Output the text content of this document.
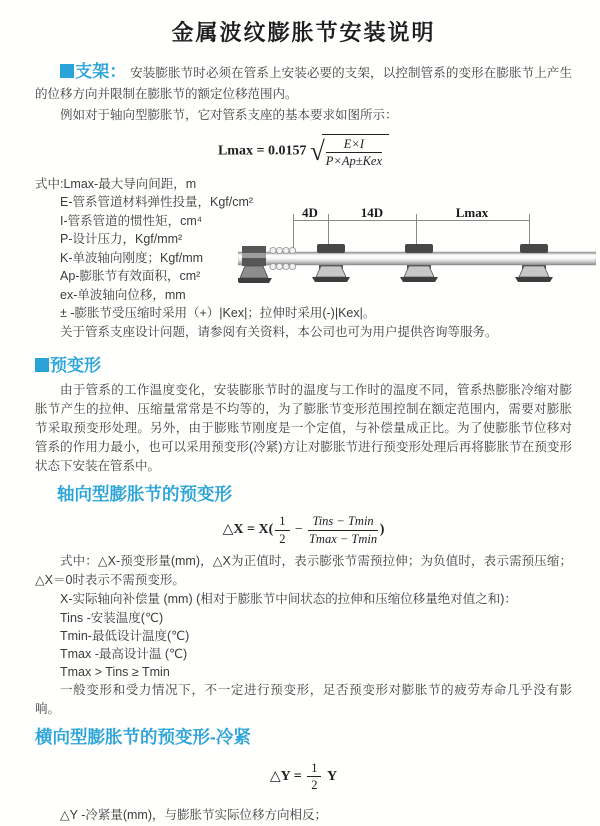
金属波纹膨胀节安装说明

支架： 安装膨胀节时必须在管系上安装必要的支架，以控制管系的变形在膨胀节上产生的位移方向并限制在膨胀节的额定位移范围内。

例如对于轴向型膨胀节，它对管系支座的基本要求如图所示：

Lmax = 0.0157 √ $\frac{E\times I}{\text{P×Ap±Kex}}$
式中:Lmax-最大导向间距，m
E-管系管道材料弹性投量，Kgf/cm²
I-管系管道的惯性矩，cm⁴
P-设计压力，Kgf/mm²
K-单波轴向刚度；Kgf/mm
Ap-膨胀节有效面积，cm²
ex-单波轴向位移，mm
± -膨胀节受压缩时采用（+）|Kex|；拉伸时采用(-)|Kex|。
关于管系支座设计问题，请参阅有关资料，本公司也可为用户提供咨询等服务。
4D	14D	Lmax
预变形

由于管系的工作温度变化，安装膨胀节时的温度与工作时的温度不同，管系热膨胀冷缩对膨胀节产生的拉伸、压缩量常常是不均等的，为了膨胀节变形范围控制在额定范围内，需要对膨胀节采取预变形处理。另外，由于膨账节刚度是一个定值，与补偿量成正比。为了使膨胀节位移对管系的作用力最小，也可以采用预变形(冷紧)方让对膨胀节进行预变形处理后再将膨胀节在预变形状态下安装在管系中。

轴向型膨胀节的预变形
△X = $X( \frac{1}{2} - \frac{\text{Tins − Tmin}}{Tmax - Tmin}$ )

式中：△X-预变形量(mm)，△X为正值时，表示膨张节需预拉伸；为负值时，表示需预压缩；△X＝0时表示不需预变形。

X-实际轴向补偿量 (mm) (相对于膨胀节中间状态的拉伸和压缩位移量绝对值之和)：

Tins -安装温度(℃)
Tmin-最低设计温度(℃)
Tmax -最高设计温 (℃)
Tmax > Tins ≥ Tmin

一般变形和受力情况下，不一定进行预变形，足否预变形对膨胀节的疲劳寿命几乎没有影响。

横向型膨胀节的预变形-冷紧
△Y = $\frac{1}{2}$ Y

△Y -冷紧量(mm)，与膨胀节实际位移方向相反；
